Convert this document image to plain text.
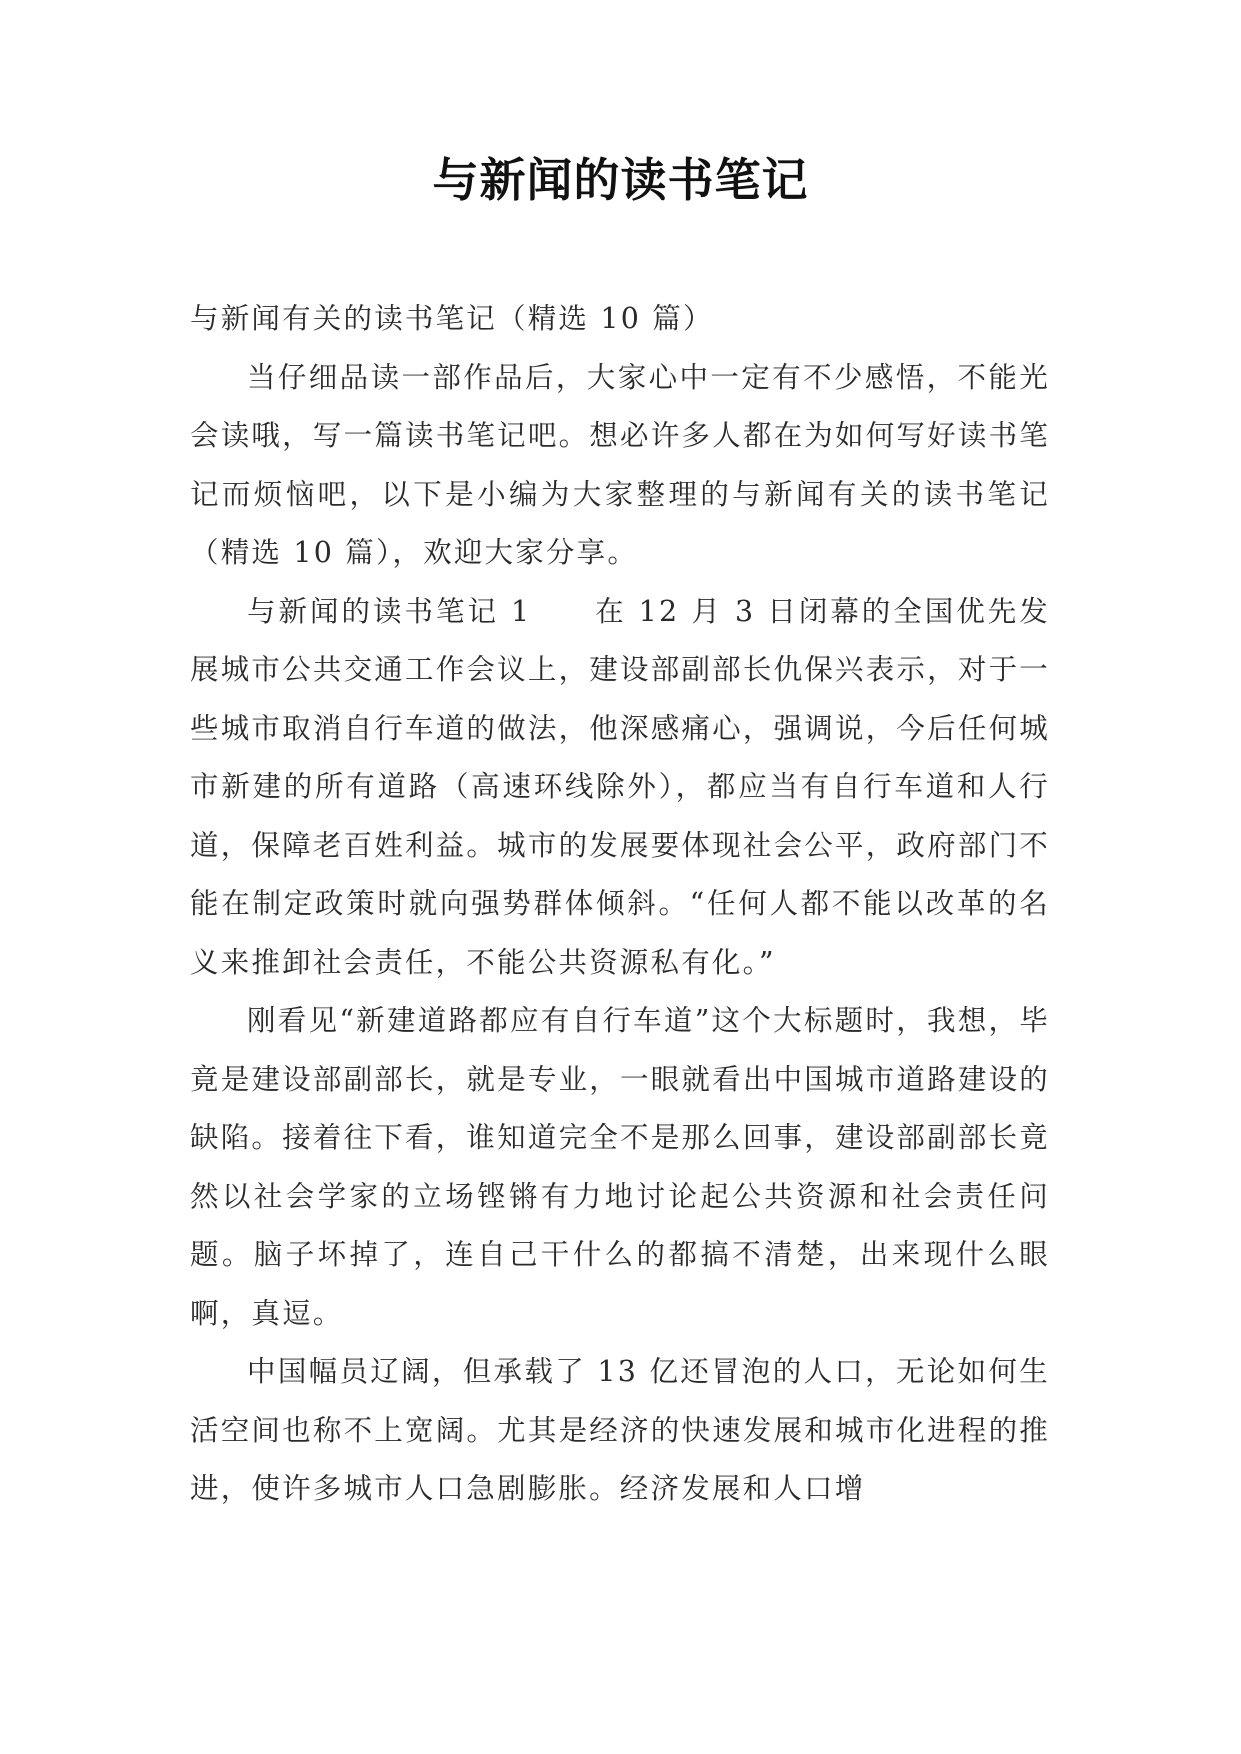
与新闻的读书笔记

与新闻有关的读书笔记（精选 10 篇）

当仔细品读一部作品后，大家心中一定有不少感悟，不能光会读哦，写一篇读书笔记吧。想必许多人都在为如何写好读书笔记而烦恼吧，以下是小编为大家整理的与新闻有关的读书笔记（精选 10 篇），欢迎大家分享。

与新闻的读书笔记 1　　在 12 月 3 日闭幕的全国优先发展城市公共交通工作会议上，建设部副部长仇保兴表示，对于一些城市取消自行车道的做法，他深感痛心，强调说，今后任何城市新建的所有道路（高速环线除外），都应当有自行车道和人行道，保障老百姓利益。城市的发展要体现社会公平，政府部门不能在制定政策时就向强势群体倾斜。“任何人都不能以改革的名义来推卸社会责任，不能公共资源私有化。”

刚看见“新建道路都应有自行车道”这个大标题时，我想，毕竟是建设部副部长，就是专业，一眼就看出中国城市道路建设的缺陷。接着往下看，谁知道完全不是那么回事，建设部副部长竟然以社会学家的立场铿锵有力地讨论起公共资源和社会责任问题。脑子坏掉了，连自己干什么的都搞不清楚，出来现什么眼啊，真逗。

中国幅员辽阔，但承载了 13 亿还冒泡的人口，无论如何生活空间也称不上宽阔。尤其是经济的快速发展和城市化进程的推进，使许多城市人口急剧膨胀。经济发展和人口增
